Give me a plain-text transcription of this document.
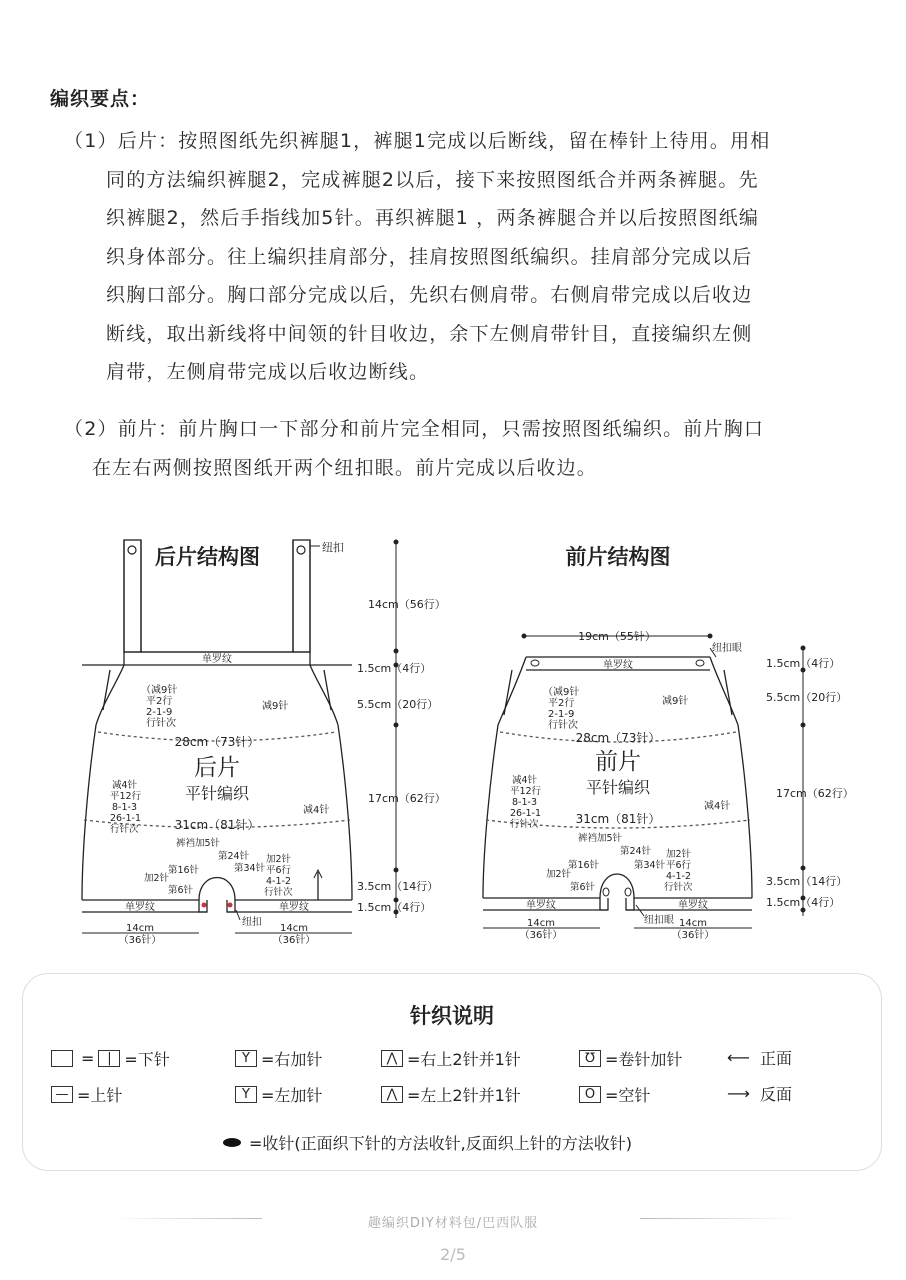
编织要点：
（1）后片：按照图纸先织裤腿1，裤腿1完成以后断线，留在棒针上待用。用相
同的方法编织裤腿2，完成裤腿2以后，接下来按照图纸合并两条裤腿。先
织裤腿2，然后手指线加5针。再织裤腿1 ，两条裤腿合并以后按照图纸编
织身体部分。往上编织挂肩部分，挂肩按照图纸编织。挂肩部分完成以后
织胸口部分。胸口部分完成以后，先织右侧肩带。右侧肩带完成以后收边
断线，取出新线将中间领的针目收边，余下左侧肩带针目，直接编织左侧
肩带，左侧肩带完成以后收边断线。
（2）前片：前片胸口一下部分和前片完全相同，只需按照图纸编织。前片胸口
在左右两侧按照图纸开两个纽扣眼。前片完成以后收边。
后片结构图	纽扣
单罗纹
（减9针
平2行
2-1-9
行针次
减9针
28cm（73针）
后片
平针编织
减4针
平12行
8-1-3
26-1-1
行针次
减4针
31cm（81针）
裤裆加5针
第24针
第16针	第34针
加2针
第6针
加2针
平6行
4-1-2
行针次
单罗纹	单罗纹
纽扣
14cm
（36针）
14cm
（36针）
14cm（56行）
1.5cm（4行）
5.5cm（20行）
17cm（62行）
3.5cm（14行）
1.5cm（4行）
前片结构图
19cm（55针）
纽扣眼
单罗纹
（减9针
平2行
2-1-9
行针次
减9针
28cm（73针）
前片
平针编织
减4针
平12行
8-1-3
26-1-1
行针次
减4针
31cm（81针）
裤裆加5针
第24针
第16针	第34针
加2针
第6针
加2针
平6行
4-1-2
行针次
单罗纹	单罗纹
纽扣眼
14cm
（36针）
14cm
（36针）
1.5cm（4行）
5.5cm（20行）
17cm（62行）
3.5cm（14行）
1.5cm（4行）
针织说明
= | =下针
— =上针
Y =右加针
Y =左加针
⋀ =右上2针并1针
⋀ =左上2针并1针
℧ =卷针加针
O =空针
⟵ 正面
⟶ 反面
=收针(正面织下针的方法收针,反面织上针的方法收针)
趣编织DIY材料包/巴西队服
2/5
